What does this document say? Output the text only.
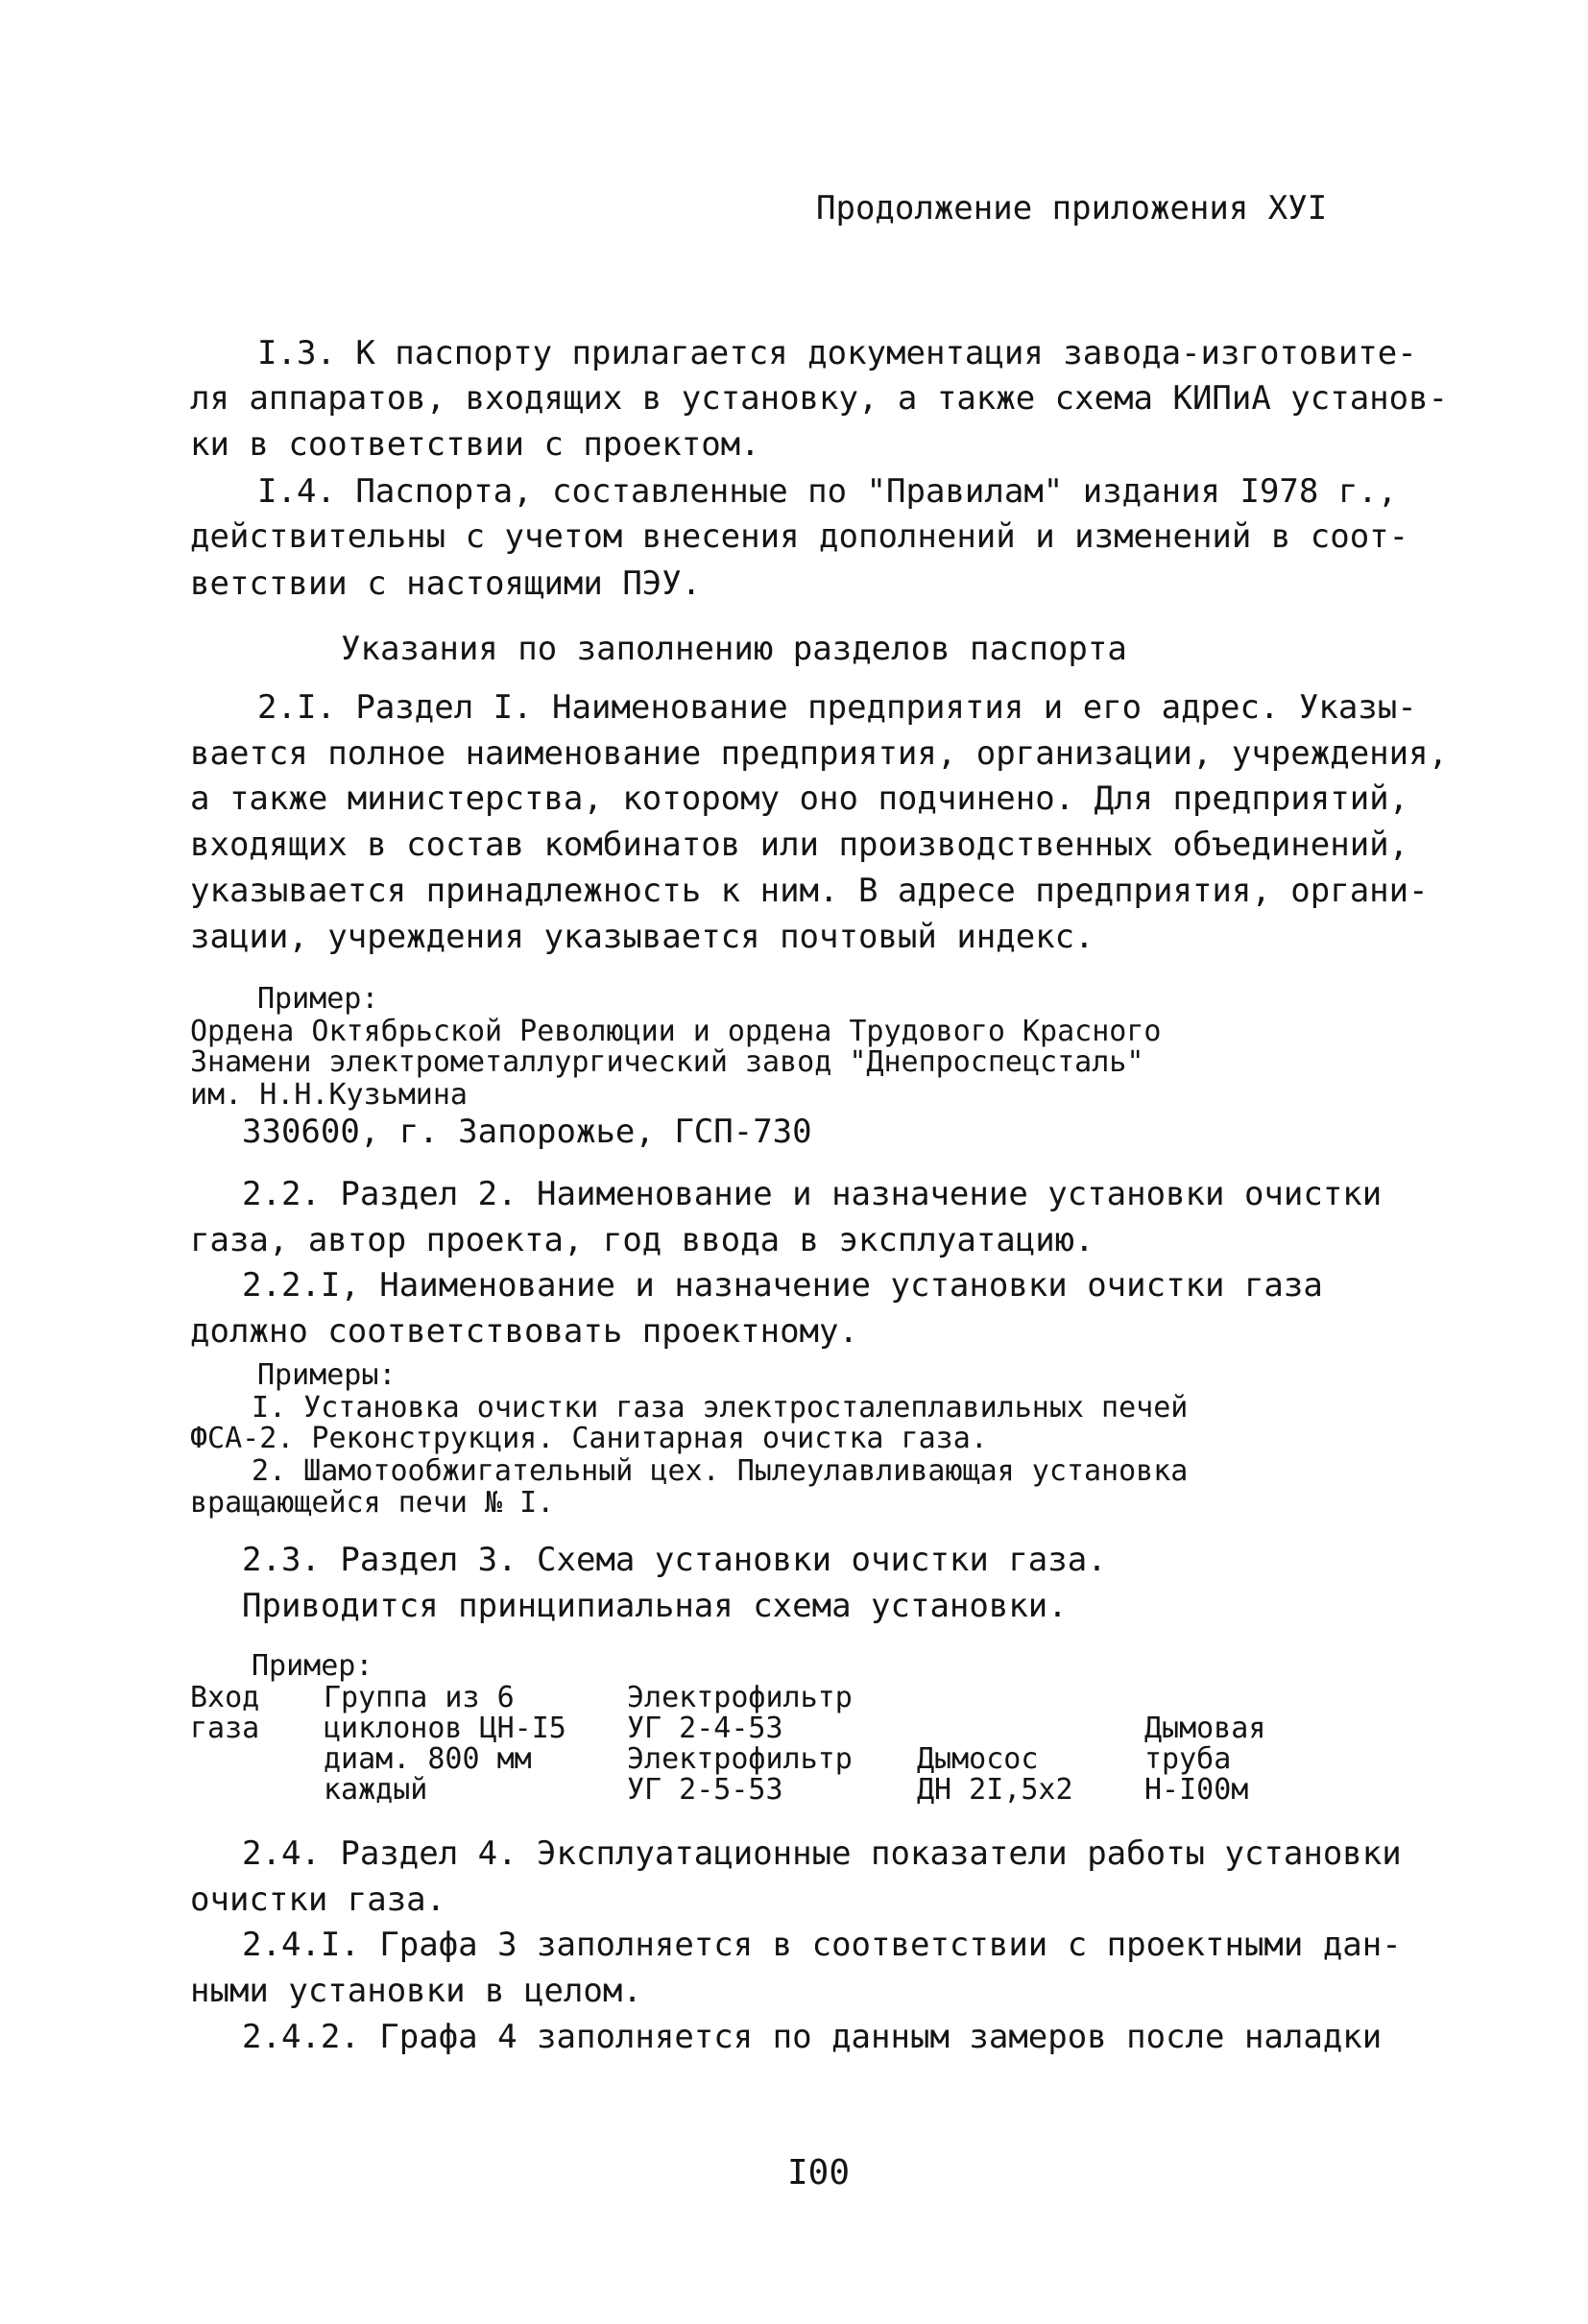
Продолжение приложения ХУI
I.3. К паспорту прилагается документация завода-изготовите-
ля аппаратов, входящих в установку, а также схема КИПиА установ-
ки в соответствии с проектом.
I.4. Паспорта, составленные по "Правилам" издания I978 г.,
действительны с учетом внесения дополнений и изменений в соот-
ветствии с настоящими ПЭУ.
Указания по заполнению разделов паспорта
2.I. Раздел I. Наименование предприятия и его адрес. Указы-
вается полное наименование предприятия, организации, учреждения,
а также министерства, которому оно подчинено. Для предприятий,
входящих в состав комбинатов или производственных объединений,
указывается принадлежность к ним. В адресе предприятия, органи-
зации, учреждения указывается почтовый индекс.
Пример:
Ордена Октябрьской Революции и ордена Трудового Красного
Знамени электрометаллургический завод "Днепроспецсталь"
им. Н.Н.Кузьмина
330600, г. Запорожье, ГСП-730
2.2. Раздел 2. Наименование и назначение установки очистки
газа, автор проекта, год ввода в эксплуатацию.
2.2.I, Наименование и назначение установки очистки газа
должно соответствовать проектному.
Примеры:
I. Установка очистки газа электросталеплавильных печей
ФСА-2. Реконструкция. Санитарная очистка газа.
2. Шамотообжигательный цех. Пылеулавливающая установка
вращающейся печи № I.
2.3. Раздел 3. Схема установки очистки газа.
Приводится принципиальная схема установки.
Пример:
Вход
газа
Группа из 6
циклонов ЦН-I5
диам. 800 мм
каждый
Электрофильтр
УГ 2-4-53
Электрофильтр
УГ 2-5-53
Дымосос
ДН 2I,5х2
Дымовая
труба
Н-I00м
2.4. Раздел 4. Эксплуатационные показатели работы установки
очистки газа.
2.4.I. Графа 3 заполняется в соответствии с проектными дан-
ными установки в целом.
2.4.2. Графа 4 заполняется по данным замеров после наладки
I00
